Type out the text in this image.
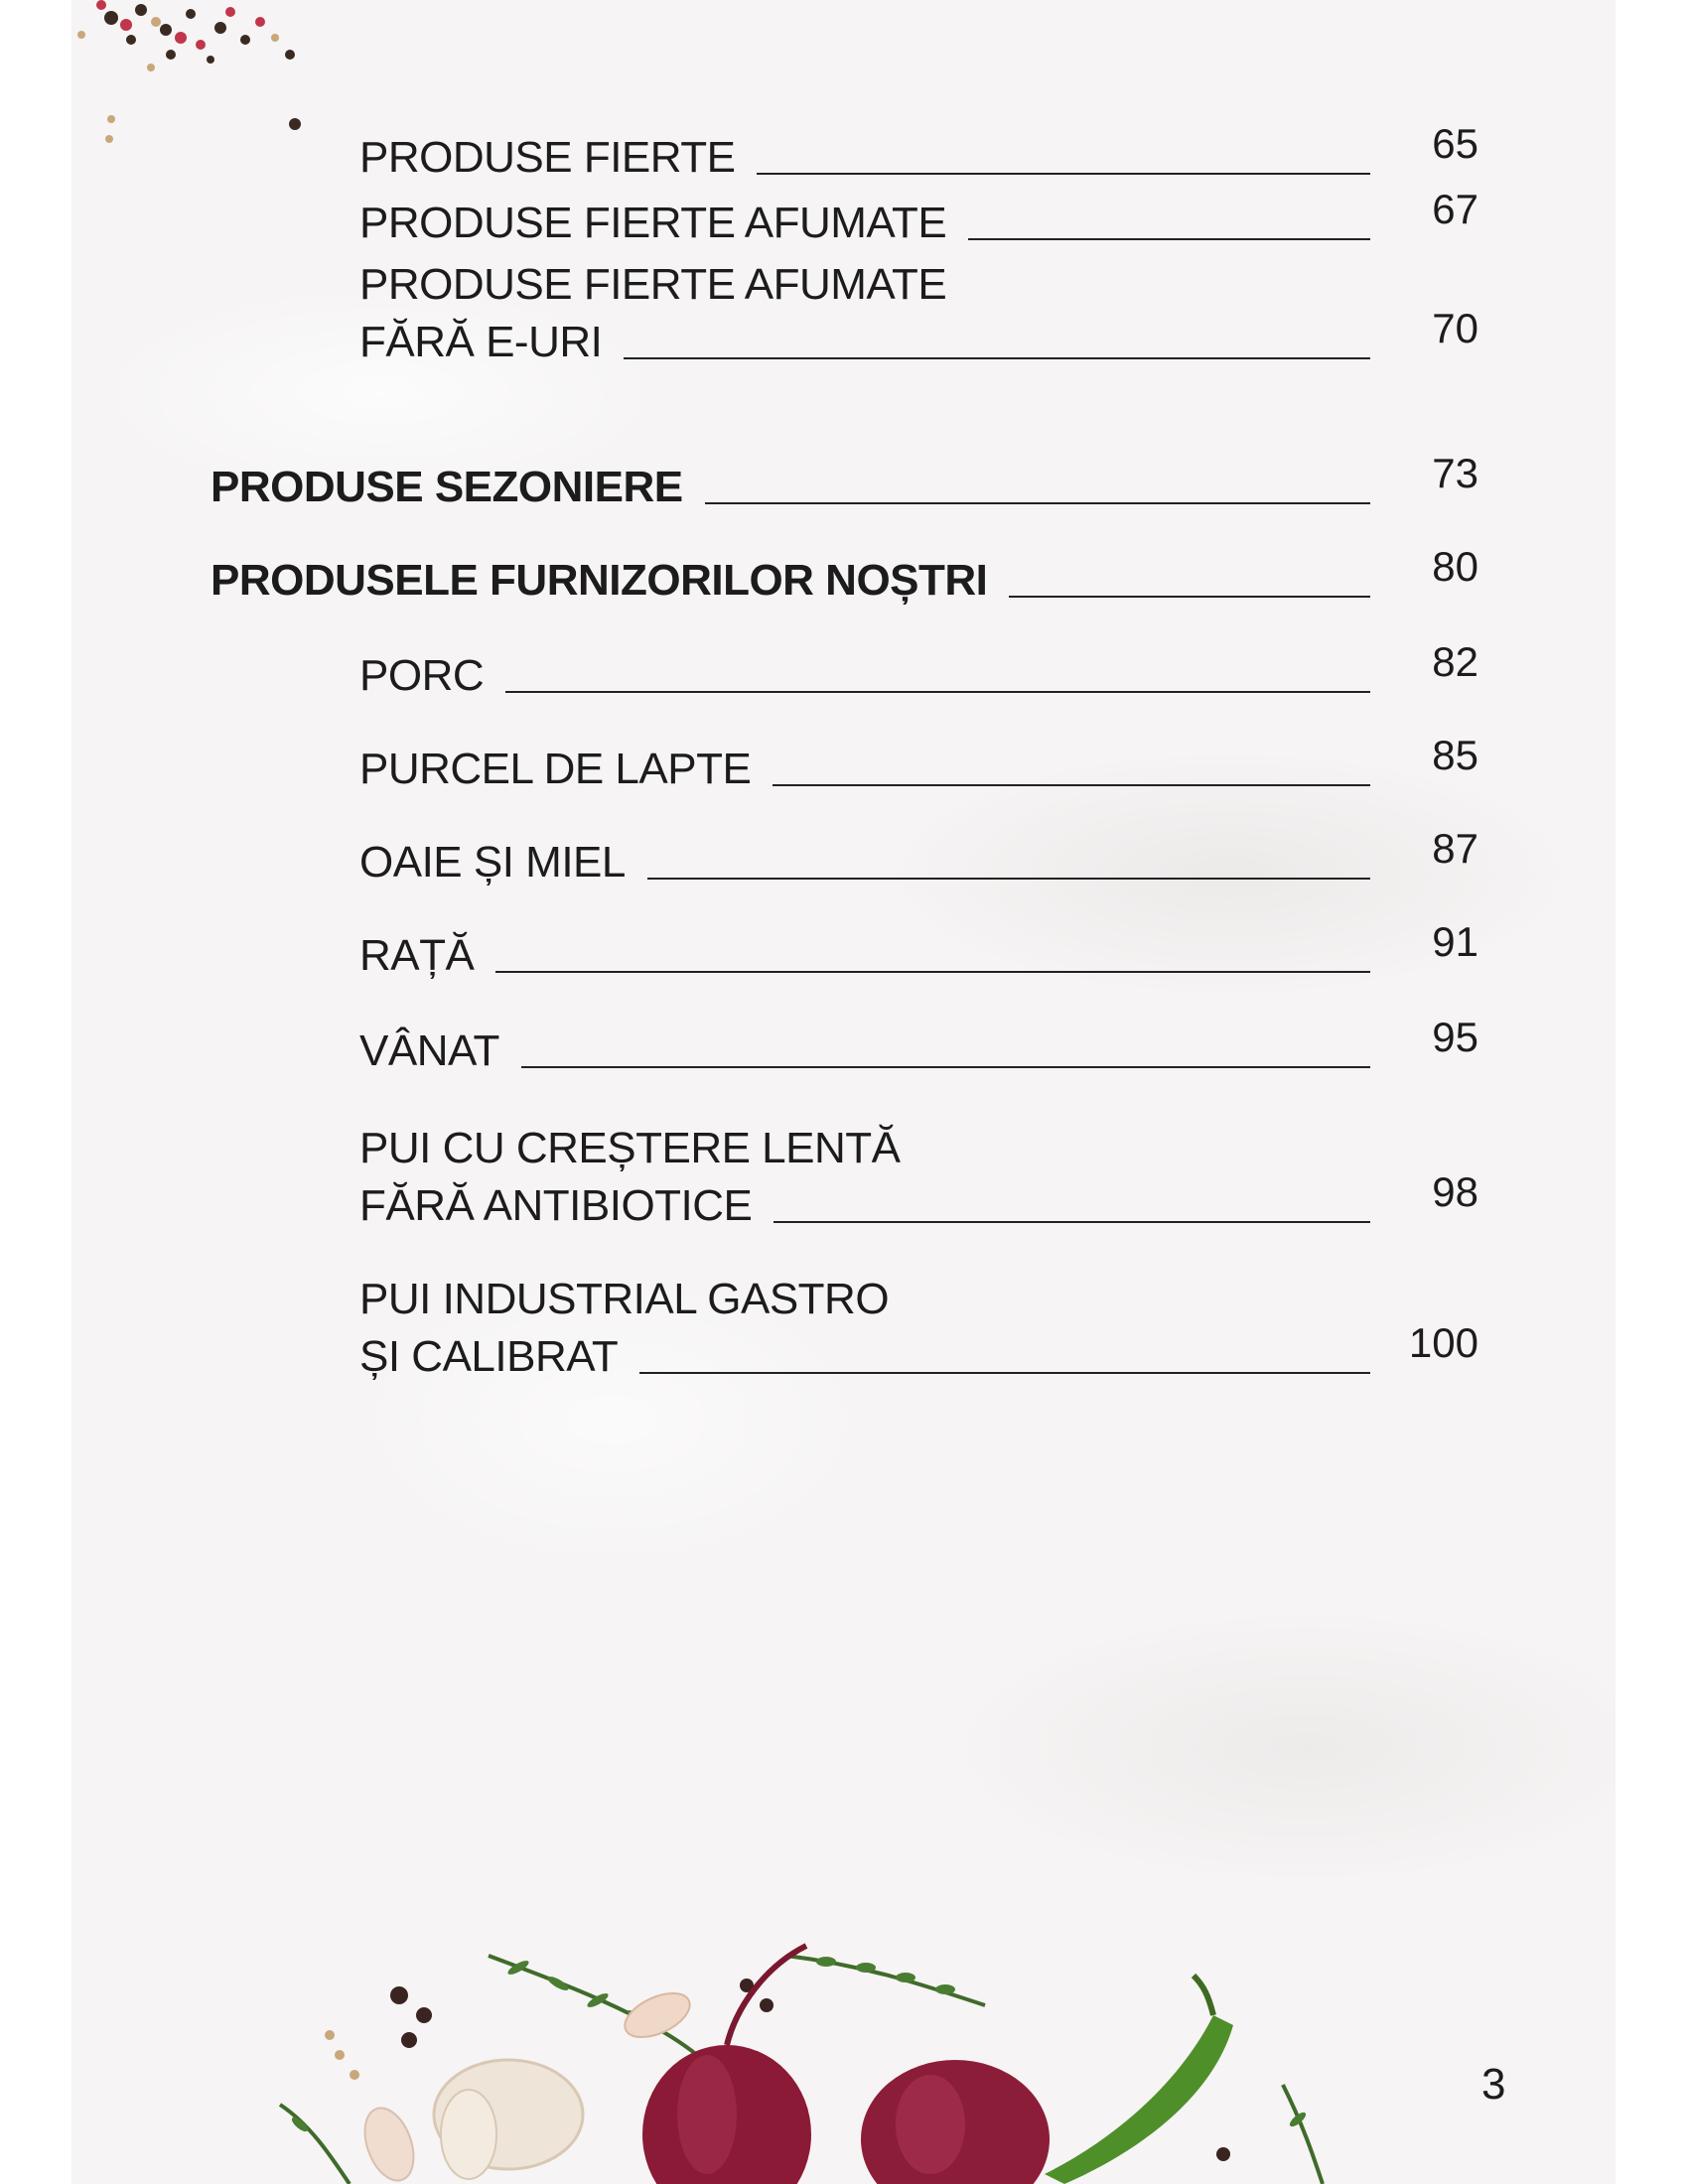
PRODUSE FIERTE	65
PRODUSE FIERTE AFUMATE	67
PRODUSE FIERTE AFUMATE
FĂRĂ E-URI	70
PRODUSE SEZONIERE	73
PRODUSELE FURNIZORILOR NOȘTRI	80
PORC	82
PURCEL DE LAPTE	85
OAIE ȘI MIEL	87
RAȚĂ	91
VÂNAT	95
PUI CU CREȘTERE LENTĂ
FĂRĂ ANTIBIOTICE	98
PUI INDUSTRIAL GASTRO
ȘI CALIBRAT	100
3
